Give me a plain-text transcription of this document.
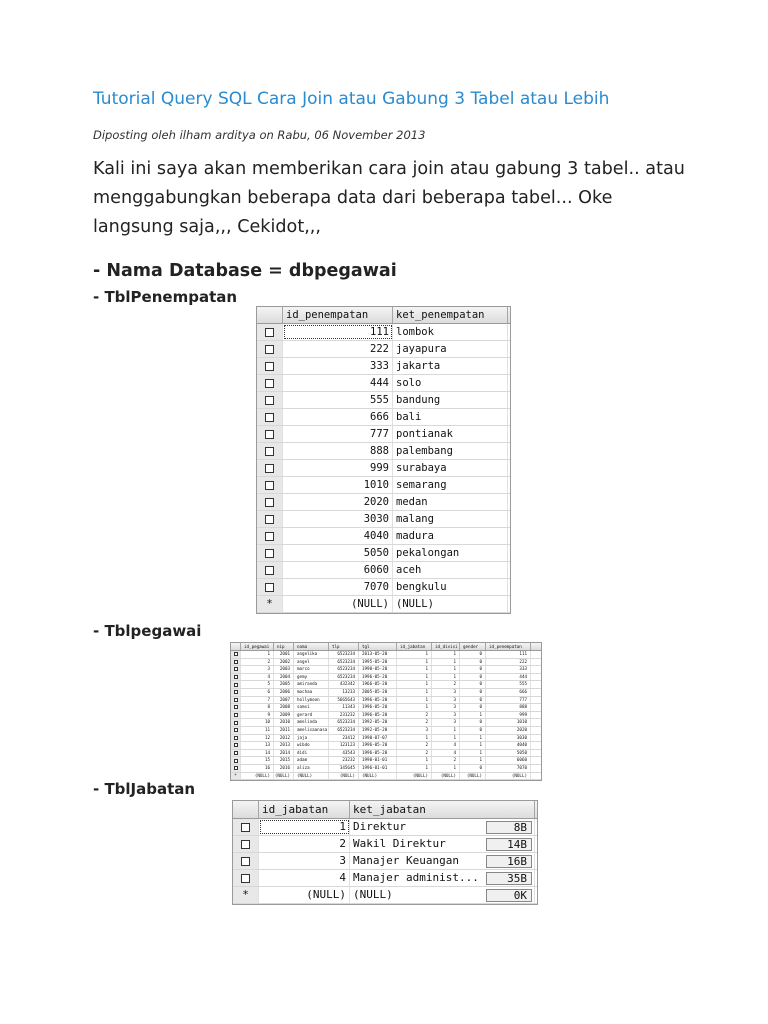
Tutorial Query SQL Cara Join atau Gabung 3 Tabel atau Lebih
Diposting oleh ilham arditya on Rabu, 06 November 2013
Kali ini saya akan memberikan cara join atau gabung 3 tabel.. atau menggabungkan beberapa data dari beberapa tabel... Oke langsung saja,,, Cekidot,,,
- Nama Database = dbpegawai
- TblPenempatan
id_penempatan	ket_penempatan
111 lombok
222 jayapura
333 jakarta
444 solo
555 bandung
666 bali
777 pontianak
888 palembang
999 surabaya
1010 semarang
2020 medan
3030 malang
4040 madura
5050 pekalongan
6060 aceh
7070 bengkulu
*	(NULL) (NULL)
- Tblpegawai
id_pegawai	nip	nama	tlp	tgl	id_jabatan	id_divisi	gender	id_penempatan
1	2001	angelika	6523234	2013-05-20	1	1	0	111
2	2002	angel	6523234	1995-05-20	1	1	0	222
3	2003	marco	6523234	1990-05-20	1	1	0	333
4	2004	gemy	6523234	1996-05-20	1	1	0	444
5	2005	amiranda	432342	1966-05-20	1	2	0	555
6	2006	mochaa	13233	2005-05-20	1	3	0	666
7	2007	hollymoon	5665643	1996-05-20	1	3	0	777
8	2008	samsi	11343	1996-05-20	1	3	0	888
9	2009	gerard	231232	1996-05-20	2	3	1	999
10	2010	amelinda	6523234	1992-05-20	2	3	0	1010
11	2011	amelisaanasa	6523234	1992-05-20	3	1	0	2020
12	2012	jaja	23412	1990-07-07	1	1	1	3030
13	2013	wibdo	123123	1996-05-20	2	4	1	4040
14	2014	didi	43543	1996-05-20	2	4	1	5050
15	2015	adam	23232	1990-01-01	1	2	1	6060
16	2016	aliza	345645	1996-01-01	1	1	0	7070
*	(NULL)	(NULL)	(NULL)	(NULL)	(NULL)	(NULL)	(NULL)	(NULL)	(NULL)
- TblJabatan
id_jabatan	ket_jabatan
1 Direktur	8B
2 Wakil Direktur	14B
3 Manajer Keuangan	16B
4 Manajer administ...	35B
*	(NULL) (NULL)	0K
